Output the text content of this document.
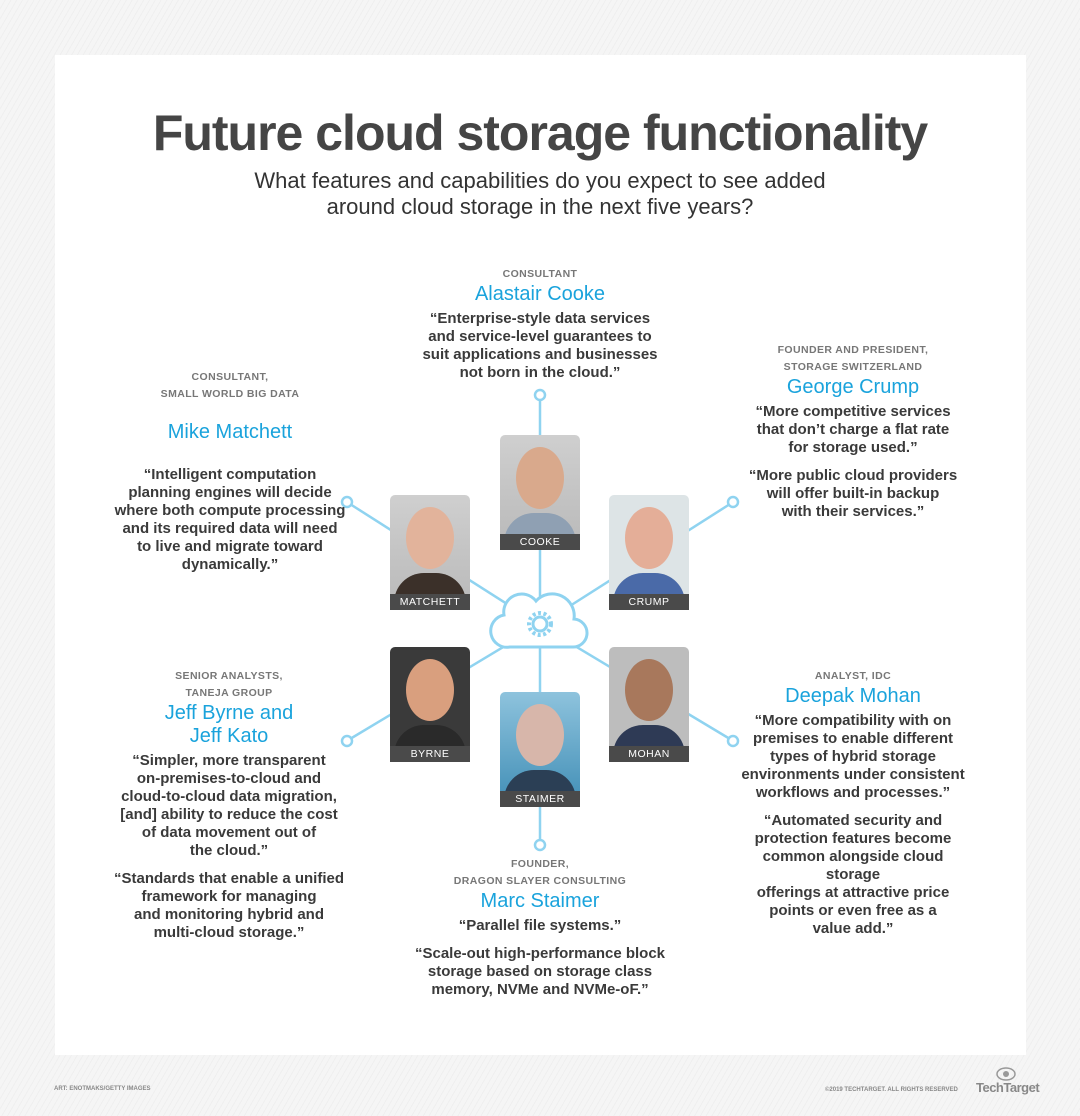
Future cloud storage functionality
What features and capabilities do you expect to see added around cloud storage in the next five years?
COOKE
MATCHETT	CRUMP
BYRNE	MOHAN
STAIMER
CONSULTANT
Alastair Cooke
“Enterprise-style data services
and service-level guarantees to
suit applications and businesses
not born in the cloud.”

CONSULTANT,
SMALL WORLD BIG DATA

Mike Matchett

“Intelligent computation
planning engines will decide
where both compute processing
and its required data will need
to live and migrate toward
dynamically.”

FOUNDER AND PRESIDENT,
STORAGE SWITZERLAND
George Crump
“More competitive services
that don’t charge a flat rate
for storage used.”
“More public cloud providers
will offer built-in backup
with their services.”
SENIOR ANALYSTS,
TANEJA GROUP
Jeff Byrne and
Jeff Kato
“Simpler, more transparent
on-premises-to-cloud and
cloud-to-cloud data migration,
[and] ability to reduce the cost
of data movement out of
the cloud.”
“Standards that enable a unified
framework for managing
and monitoring hybrid and
multi-cloud storage.”
ANALYST, IDC
Deepak Mohan
“More compatibility with on
premises to enable different
types of hybrid storage
environments under consistent
workflows and processes.”
“Automated security and
protection features become
common alongside cloud storage
offerings at attractive price
points or even free as a
value add.”
FOUNDER,
DRAGON SLAYER CONSULTING
Marc Staimer
“Parallel file systems.”
“Scale-out high-performance block
storage based on storage class
memory, NVMe and NVMe-oF.”
ART: ENOTMAKS/GETTY IMAGES	©2019 TECHTARGET. ALL RIGHTS RESERVED TechTarget
